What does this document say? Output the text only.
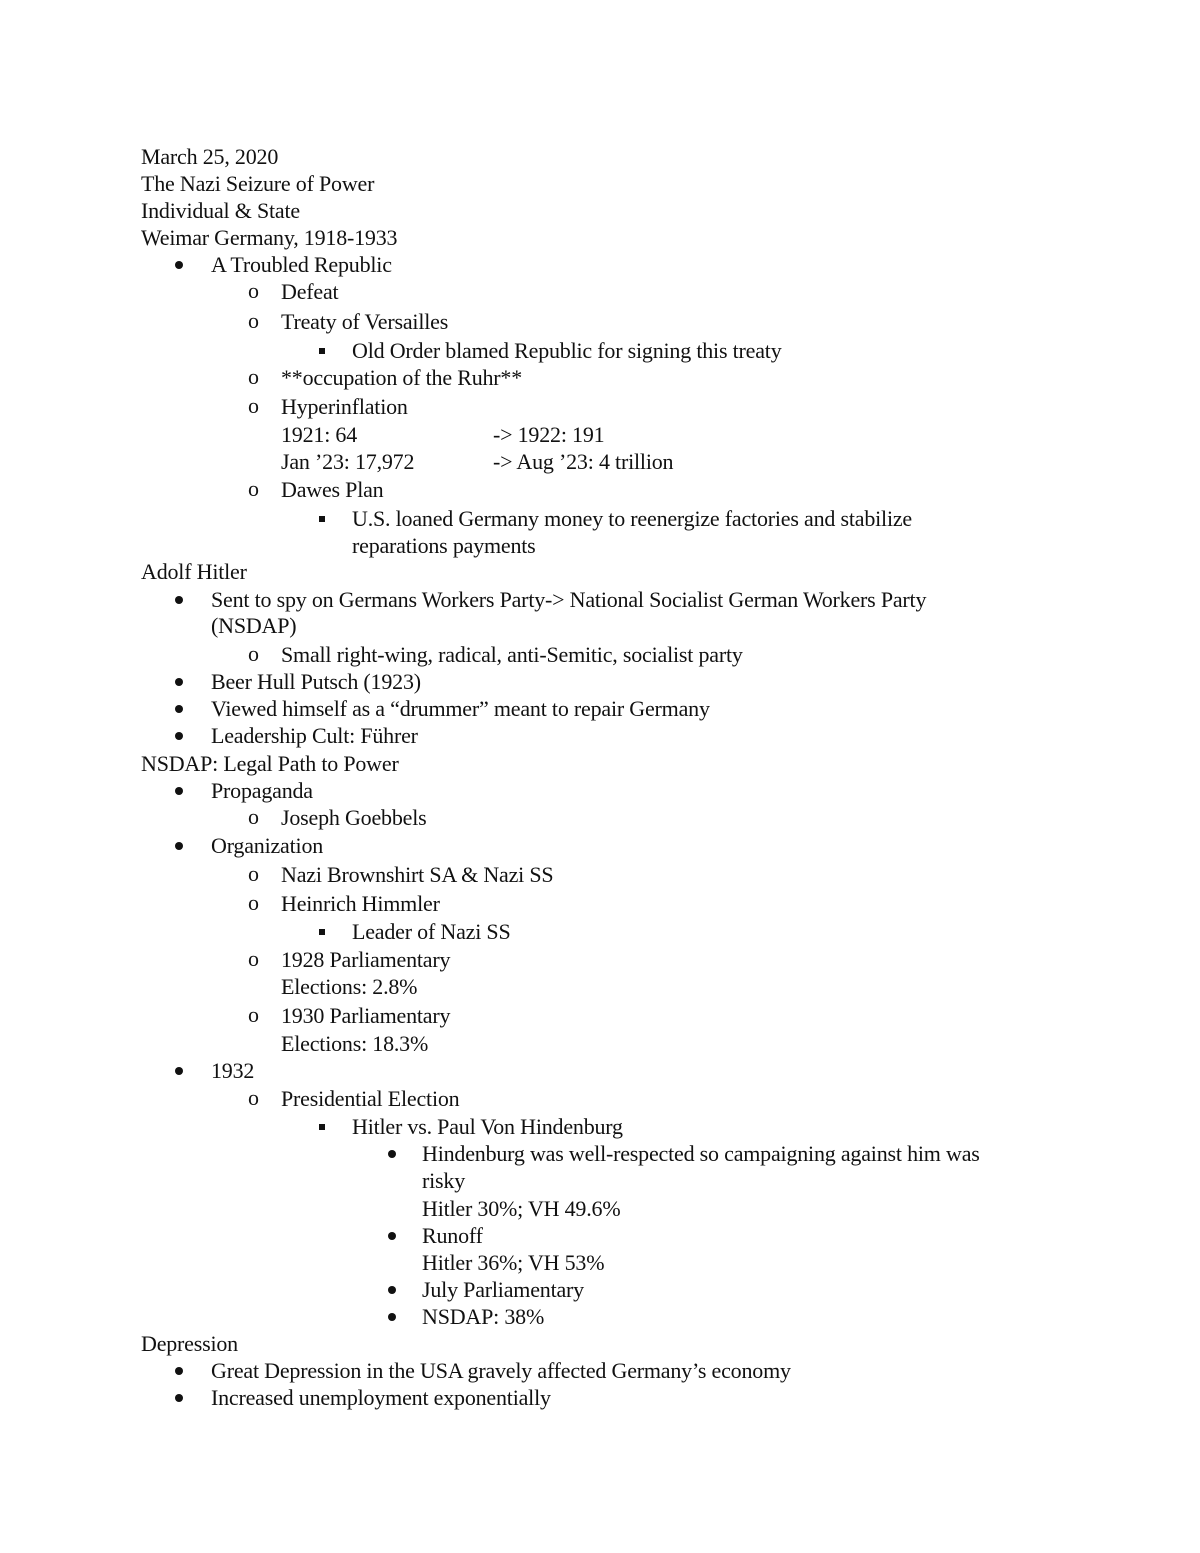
March 25, 2020
The Nazi Seizure of Power
Individual & State
Weimar Germany, 1918-1933
A Troubled Republic
o Defeat
o Treaty of Versailles
Old Order blamed Republic for signing this treaty
o **occupation of the Ruhr**
o Hyperinflation
1921: 64	-> 1922: 191
Jan ’23: 17,972	-> Aug ’23: 4 trillion
o Dawes Plan
U.S. loaned Germany money to reenergize factories and stabilize
reparations payments
Adolf Hitler
Sent to spy on Germans Workers Party-> National Socialist German Workers Party
(NSDAP)
o Small right-wing, radical, anti-Semitic, socialist party
Beer Hull Putsch (1923)
Viewed himself as a “drummer” meant to repair Germany
Leadership Cult: Führer
NSDAP: Legal Path to Power
Propaganda
o Joseph Goebbels
Organization
o Nazi Brownshirt SA & Nazi SS
o Heinrich Himmler
Leader of Nazi SS
o 1928 Parliamentary
Elections: 2.8%
o 1930 Parliamentary
Elections: 18.3%
1932
o Presidential Election
Hitler vs. Paul Von Hindenburg
Hindenburg was well-respected so campaigning against him was
risky
Hitler 30%; VH 49.6%
Runoff
Hitler 36%; VH 53%
July Parliamentary
NSDAP: 38%
Depression
Great Depression in the USA gravely affected Germany’s economy
Increased unemployment exponentially
